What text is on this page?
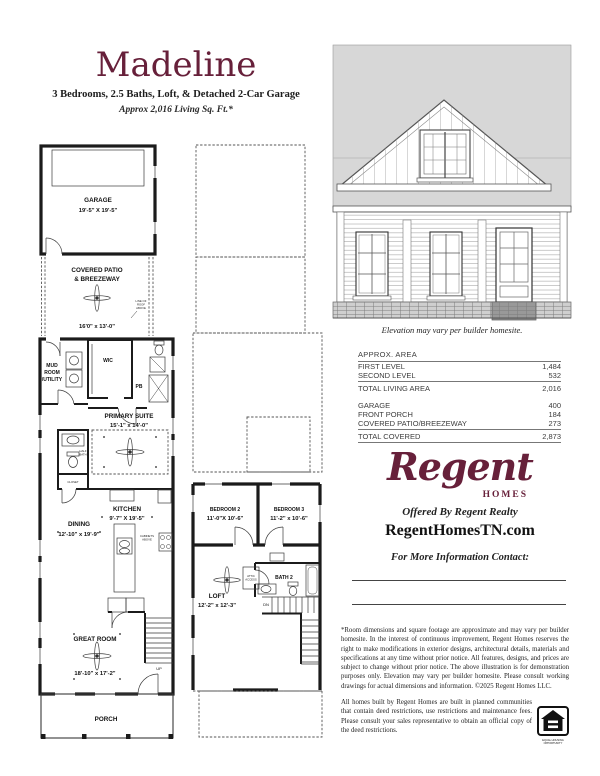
Madeline
3 Bedrooms, 2.5 Baths, Loft, & Detached 2-Car Garage
Approx 2,016 Living Sq. Ft.*
GARAGE
19'-5" X 19'-5"
COVERED PATIO
& BREEZEWAY
16'0" x 13'-0"
LINE OF
ROOF
ABOVE
MUD
ROOM
/UTILITY
WIC
PB
PRIMARY SUITE
15'-1" x 14'-0"
HALF
BATH
CLOSET
KITCHEN
9'-7" X 19'-5"
CABINETS
ABOVE
DINING
12'-10" x 19'-9"
UP
GREAT ROOM
18'-10" x 17'-2"
PORCH
BEDROOM 2
11'-0"X 10'-6"
BEDROOM 3
11'-2" x 10'-6"
BATH 2
ATTIC
ACCESS
LOFT
12'-2" x 12'-3"	DN
Elevation may vary per builder homesite.
APPROX. AREA
FIRST LEVEL	1,484
SECOND LEVEL	532
TOTAL LIVING AREA	2,016
GARAGE	400
FRONT PORCH	184
COVERED PATIO/BREEZEWAY	273
TOTAL COVERED	2,873
Regent
HOMES
Offered By Regent Realty
RegentHomesTN.com
For More Information Contact:
*Room dimensions and square footage are approximate and may vary per builder homesite. In the interest of continuous improvement, Regent Homes reserves the right to make modifications in exterior designs, architectural details, materials and specifications at any time without prior notice. All features, designs, and prices are subject to change without prior notice. The above illustration is for demonstration purposes only. Elevation may vary per builder homesite. Please consult working drawings for actual dimensions and information. ©2025 Regent Homes LLC.
EQUAL HOUSING
OPPORTUNITY
All homes built by Regent Homes are built in planned communities that contain deed restrictions, use restrictions and maintenance fees. Please consult your sales representative to obtain an official copy of the deed restrictions.
